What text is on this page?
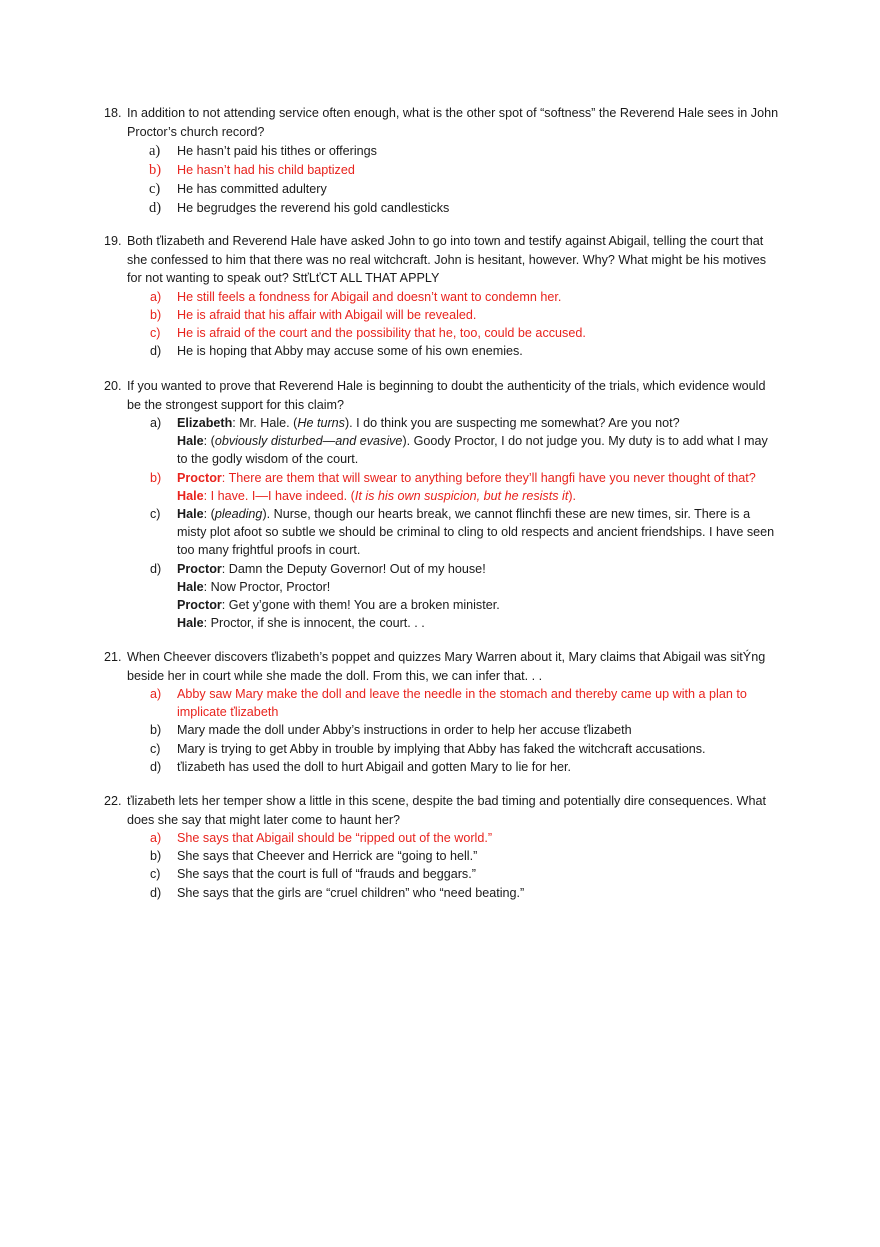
18. In addition to not attending service often enough, what is the other spot of “softness” the Reverend Hale sees in John Proctor’s church record?
a) He hasn’t paid his tithes or offerings
b) He hasn’t had his child baptized
c) He has committed adultery
d) He begrudges the reverend his gold candlesticks
19. Both ťlizabeth and Reverend Hale have asked John to go into town and testify against Abigail, telling the court that she confessed to him that there was no real witchcraft. John is hesitant, however. Why? What might be his motives for not wanting to speak out? StťLťCT ALL THAT APPLY
a) He still feels a fondness for Abigail and doesn’t want to condemn her.
b) He is afraid that his affair with Abigail will be revealed.
c) He is afraid of the court and the possibility that he, too, could be accused.
d) He is hoping that Abby may accuse some of his own enemies.
20. If you wanted to prove that Reverend Hale is beginning to doubt the authenticity of the trials, which evidence would be the strongest support for this claim?
a) Elizabeth: Mr. Hale. (He turns). I do think you are suspecting me somewhat? Are you not?
Hale: (obviously disturbed—and evasive). Goody Proctor, I do not judge you. My duty is to add what I may to the godly wisdom of the court.
b) Proctor: There are them that will swear to anything before they’ll hangﬁ have you never thought of that?
Hale: I have. I—I have indeed. (It is his own suspicion, but he resists it).
c) Hale: (pleading). Nurse, though our hearts break, we cannot flinchﬁ these are new times, sir. There is a misty plot afoot so subtle we should be criminal to cling to old respects and ancient friendships. I have seen too many frightful proofs in court.
d) Proctor: Damn the Deputy Governor! Out of my house!
Hale: Now Proctor, Proctor!
Proctor: Get y’gone with them! You are a broken minister.
Hale: Proctor, if she is innocent, the court. . .
21. When Cheever discovers ťlizabeth’s poppet and quizzes Mary Warren about it, Mary claims that Abigail was sitÝng beside her in court while she made the doll. From this, we can infer that. . .
a) Abby saw Mary make the doll and leave the needle in the stomach and thereby came up with a plan to implicate ťlizabeth
b) Mary made the doll under Abby’s instructions in order to help her accuse ťlizabeth
c) Mary is trying to get Abby in trouble by implying that Abby has faked the witchcraft accusations.
d) ťlizabeth has used the doll to hurt Abigail and gotten Mary to lie for her.
22. ťlizabeth lets her temper show a little in this scene, despite the bad timing and potentially dire consequences. What does she say that might later come to haunt her?
a) She says that Abigail should be “ripped out of the world.”
b) She says that Cheever and Herrick are “going to hell.”
c) She says that the court is full of “frauds and beggars.”
d) She says that the girls are “cruel children” who “need beating.”
